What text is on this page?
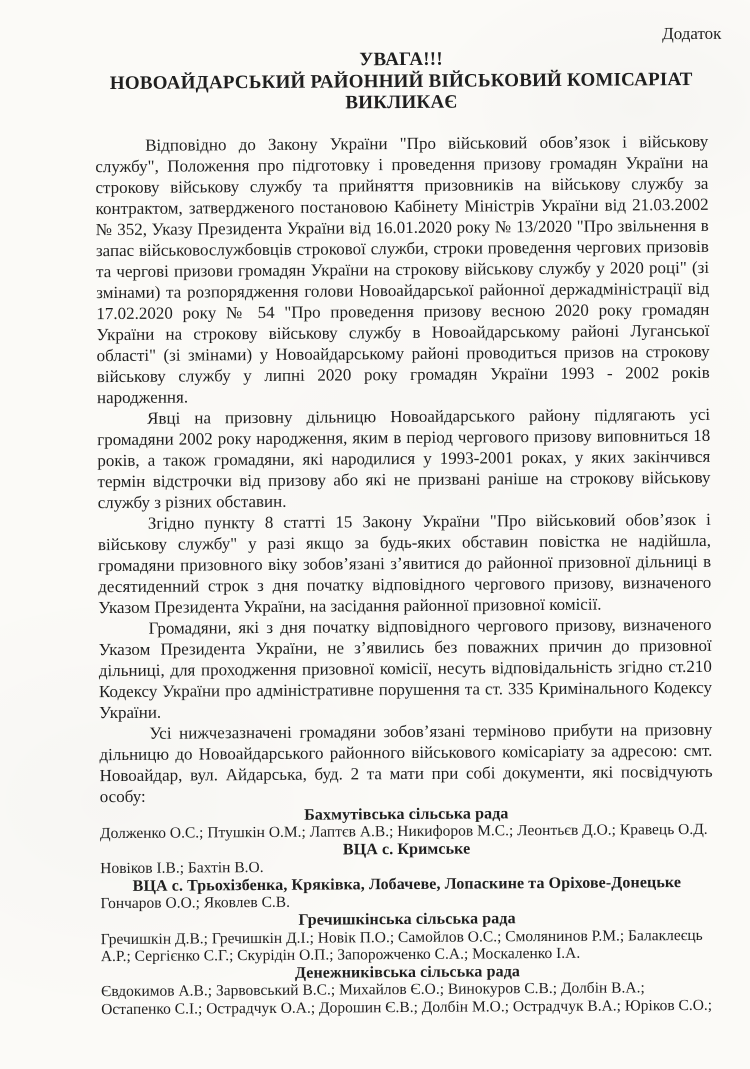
Додаток
УВАГА!!!
НОВОАЙДАРСЬКИЙ РАЙОННИЙ ВІЙСЬКОВИЙ КОМІСАРІАТ
ВИКЛИКАЄ

Відповідно до Закону України "Про військовий обов’язок і військову службу", Положення про підготовку і проведення призову громадян України на строкову військову службу та прийняття призовників на військову службу за контрактом, затвердженого постановою Кабінету Міністрів України від 21.03.2002 № 352, Указу Президента України від 16.01.2020 року № 13/2020 "Про звільнення в запас військовослужбовців строкової служби, строки проведення чергових призовів та чергові призови громадян України на строкову військову службу у 2020 році" (зі змінами) та розпорядження голови Новоайдарської районної держадміністрації від 17.02.2020 року № 54 "Про проведення призову весною 2020 року громадян України на строкову військову службу в Новоайдарському районі Луганської області" (зі змінами) у Новоайдарському районі проводиться призов на строкову військову службу у липні 2020 року громадян України 1993 - 2002 років народження.

Явці на призовну дільницю Новоайдарського району підлягають усі громадяни 2002 року народження, яким в період чергового призову виповниться 18 років, а також громадяни, які народилися у 1993-2001 роках, у яких закінчився термін відстрочки від призову або які не призвані раніше на строкову військову службу з різних обставин.

Згідно пункту 8 статті 15 Закону України "Про військовий обов’язок і військову службу" у разі якщо за будь-яких обставин повістка не надійшла, громадяни призовного віку зобов’язані з’явитися до районної призовної дільниці в десятиденний строк з дня початку відповідного чергового призову, визначеного Указом Президента України, на засідання районної призовної комісії.

Громадяни, які з дня початку відповідного чергового призову, визначеного Указом Президента України, не з’явились без поважних причин до призовної дільниці, для проходження призовної комісії, несуть відповідальність згідно ст.210 Кодексу України про адміністративне порушення та ст. 335 Кримінального Кодексу України.

Усі нижчезазначені громадяни зобов’язані терміново прибути на призовну дільницю до Новоайдарського районного військового комісаріату за адресою: смт. Новоайдар, вул. Айдарська, буд. 2 та мати при собі документи, які посвідчують особу:

Бахмутівська сільська рада
Долженко О.С.; Птушкін О.М.; Лаптєв А.В.; Никифоров М.С.; Леонтьєв Д.О.; Кравець О.Д.
ВЦА с. Кримське
Новіков І.В.; Бахтін В.О.
ВЦА с. Трьохізбенка, Кряківка, Лобачеве, Лопаскине та Оріхове-Донецьке
Гончаров О.О.; Яковлев С.В.
Гречишкінська сільська рада
Гречишкін Д.В.; Гречишкін Д.І.; Новік П.О.; Самойлов О.С.; Смолянинов Р.М.; Балаклеєць А.Р.; Сергієнко С.Г.; Скурідін О.П.; Запорожченко С.А.; Москаленко І.А.
Денежниківська сільська рада
Євдокимов А.В.; Зарвовський В.С.; Михайлов Є.О.; Винокуров С.В.; Долбін В.А.;
Остапенко С.І.; Острадчук О.А.; Дорошин Є.В.; Долбін М.О.; Острадчук В.А.; Юріков С.О.;
